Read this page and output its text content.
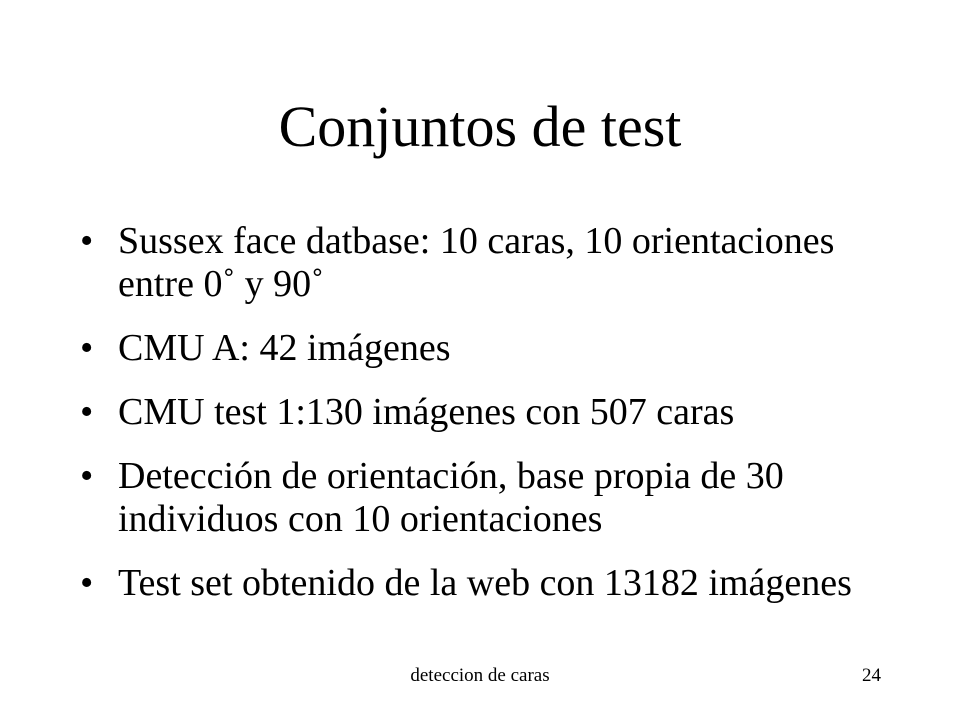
Conjuntos de test
• Sussex face datbase: 10 caras, 10 orientaciones entre 0˚ y 90˚
• CMU A: 42 imágenes
• CMU test 1:130 imágenes con 507 caras
• Detección de orientación, base propia de 30 individuos con 10 orientaciones
• Test set obtenido de la web con 13182 imágenes
deteccion de caras	24
